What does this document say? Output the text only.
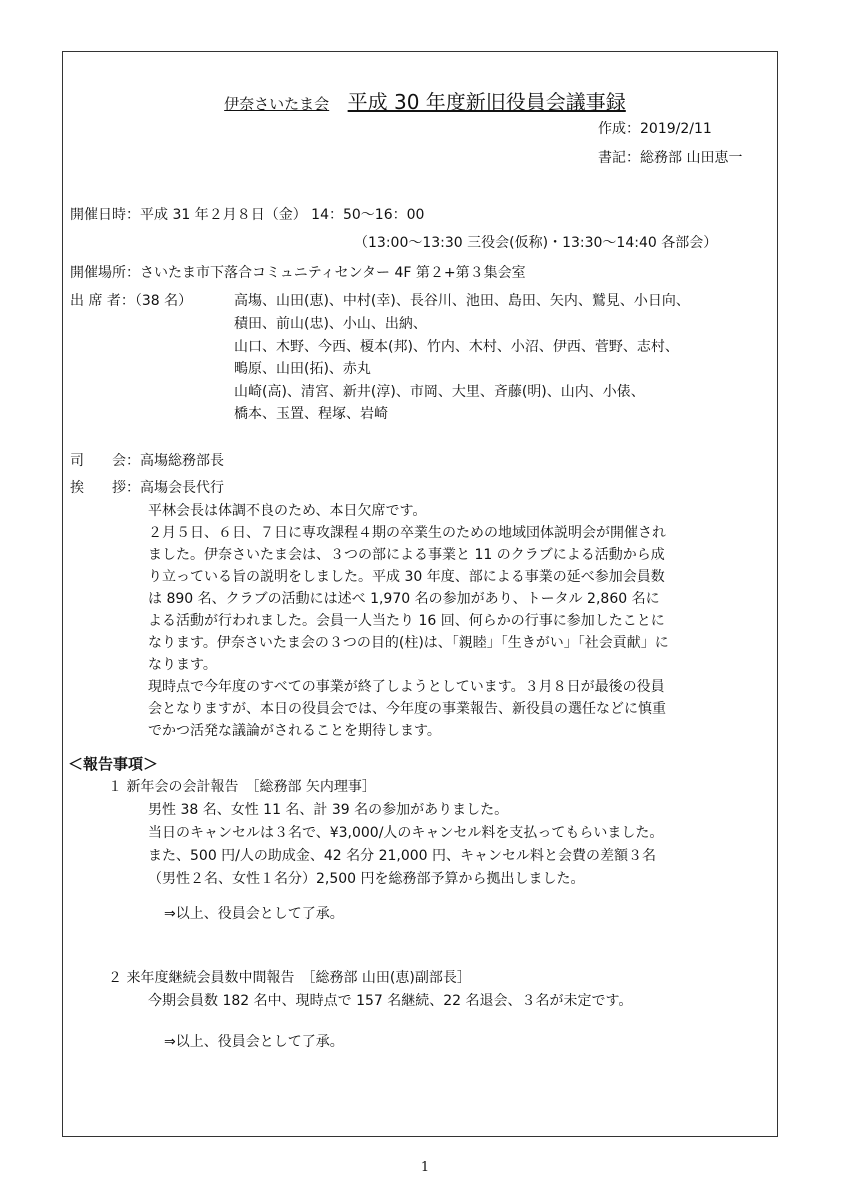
伊奈さいたま会 平成 30 年度新旧役員会議事録
作成：2019/2/11
書記：総務部 山田恵一
開催日時：平成 31 年２月８日（金） 14：50～16：00
（13:00～13:30 三役会(仮称)・13:30～14:40 各部会）
開催場所：さいたま市下落合コミュニティセンター 4F 第２+第３集会室
出 席 者：（38 名）	高塲、山田(恵)、中村(幸)、長谷川、池田、島田、矢内、鷲見、小日向、
積田、前山(忠)、小山、出納、
山口、木野、今西、榎本(邦)、竹内、木村、小沼、伊西、菅野、志村、
鴫原、山田(拓)、赤丸
山崎(高)、清宮、新井(淳)、市岡、大里、斉藤(明)、山内、小俵、
橋本、玉置、程塚、岩崎
司　　会：高塲総務部長
挨　　拶：高塲会長代行
平林会長は体調不良のため、本日欠席です。
２月５日、６日、７日に専攻課程４期の卒業生のための地域団体説明会が開催され
ました。伊奈さいたま会は、３つの部による事業と 11 のクラブによる活動から成
り立っている旨の説明をしました。平成 30 年度、部による事業の延べ参加会員数
は 890 名、クラブの活動には述べ 1,970 名の参加があり、トータル 2,860 名に
よる活動が行われました。会員一人当たり 16 回、何らかの行事に参加したことに
なります。伊奈さいたま会の３つの目的(柱)は、「親睦」「生きがい」「社会貢献」に
なります。
現時点で今年度のすべての事業が終了しようとしています。３月８日が最後の役員
会となりますが、本日の役員会では、今年度の事業報告、新役員の選任などに慎重
でかつ活発な議論がされることを期待します。
＜報告事項＞
１ 新年会の会計報告　［総務部 矢内理事］
男性 38 名、女性 11 名、計 39 名の参加がありました。
当日のキャンセルは３名で、¥3,000/人のキャンセル料を支払ってもらいました。
また、500 円/人の助成金、42 名分 21,000 円、キャンセル料と会費の差額３名
（男性２名、女性１名分）2,500 円を総務部予算から拠出しました。
⇒以上、役員会として了承。
２ 来年度継続会員数中間報告　［総務部 山田(恵)副部長］
今期会員数 182 名中、現時点で 157 名継続、22 名退会、３名が未定です。
⇒以上、役員会として了承。
1
